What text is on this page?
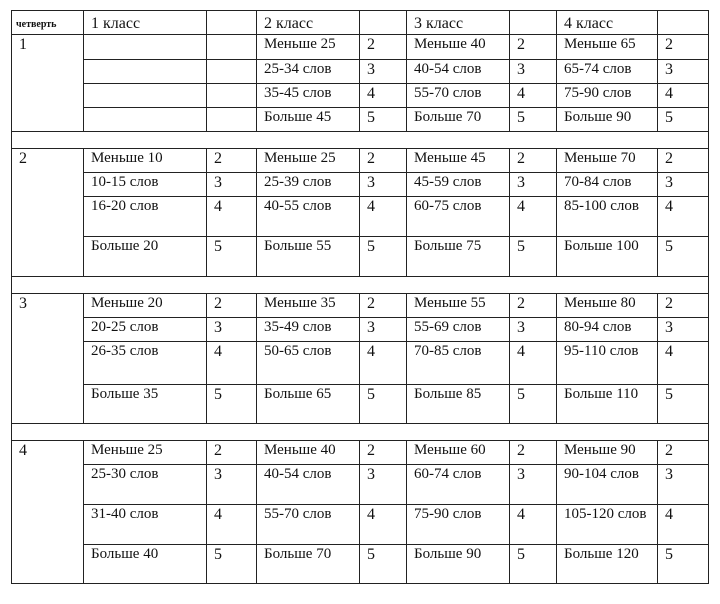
четверть	1 класс		2 класс		3 класс		4 класс	
1			Меньше 25	2	Меньше 40	2	Меньше 65	2
			25-34 слов	3	40-54 слов	3	65-74 слов	3
			35-45 слов	4	55-70 слов	4	75-90 слов	4
			Больше 45	5	Больше 70	5	Больше 90	5

2	Меньше 10	2	Меньше 25	2	Меньше 45	2	Меньше 70	2
	10-15 слов	3	25-39 слов	3	45-59 слов	3	70-84 слов	3
	16-20 слов	4	40-55 слов	4	60-75 слов	4	85-100 слов	4
	Больше 20	5	Больше 55	5	Больше 75	5	Больше 100	5

3	Меньше 20	2	Меньше 35	2	Меньше 55	2	Меньше 80	2
	20-25 слов	3	35-49 слов	3	55-69 слов	3	80-94 слов	3
	26-35 слов	4	50-65 слов	4	70-85 слов	4	95-110 слов	4
	Больше 35	5	Больше 65	5	Больше 85	5	Больше 110	5

4	Меньше 25	2	Меньше 40	2	Меньше 60	2	Меньше 90	2
	25-30 слов	3	40-54 слов	3	60-74 слов	3	90-104 слов	3
	31-40 слов	4	55-70 слов	4	75-90 слов	4	105-120 слов	4
	Больше 40	5	Больше 70	5	Больше 90	5	Больше 120	5
